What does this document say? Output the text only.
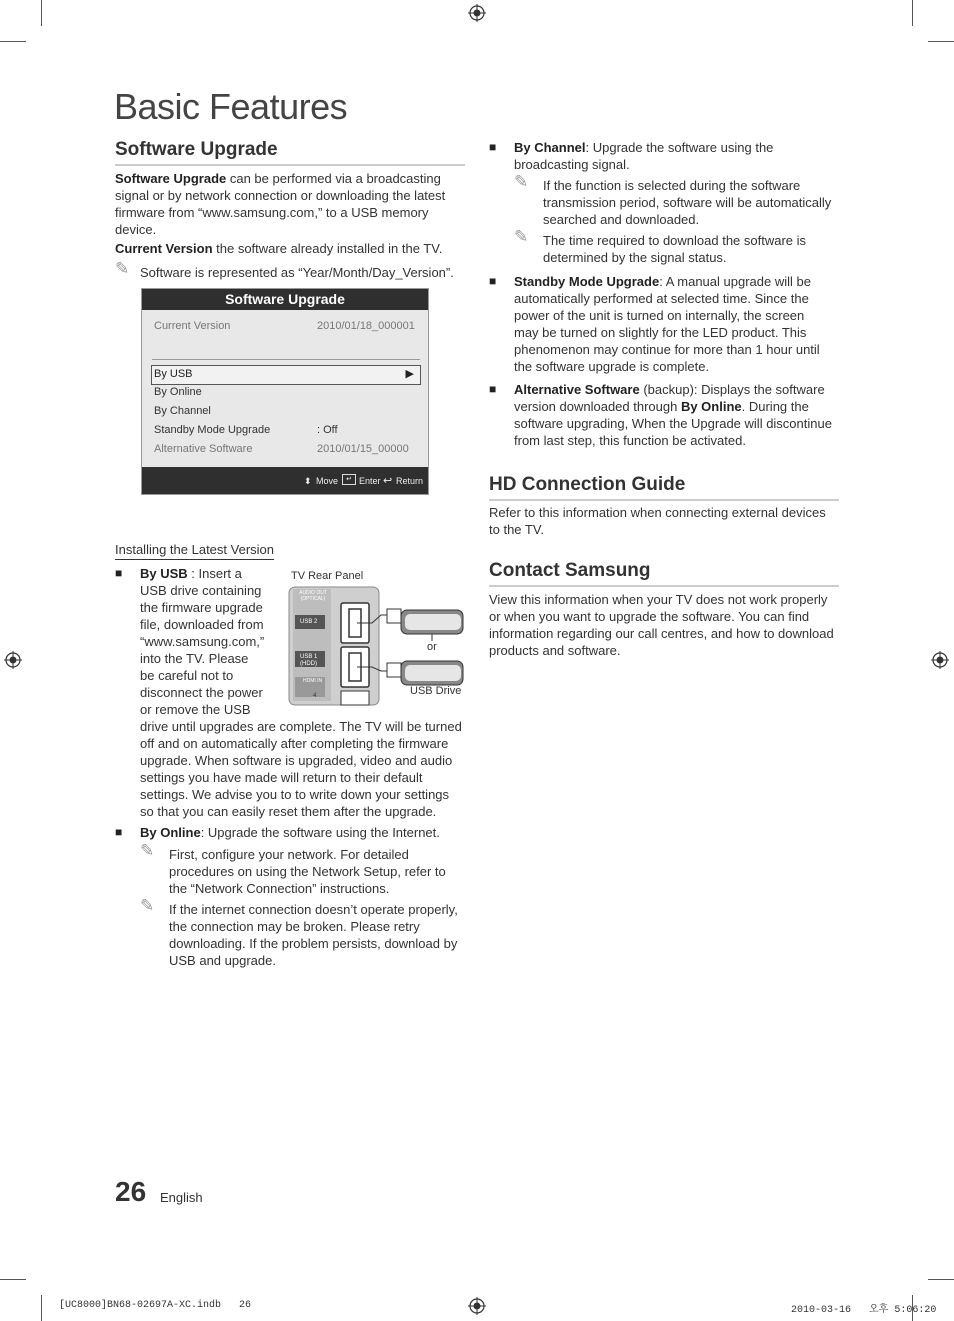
Basic Features
Software Upgrade
Software Upgrade can be performed via a broadcasting
signal or by network connection or downloading the latest
firmware from “www.samsung.com,” to a USB memory
device.
Current Version the software already installed in the TV.
✎ Software is represented as “Year/Month/Day_Version”.
Software Upgrade
Current Version	2010/01/18_000001
By USB	▶
By Online
By Channel
Standby Mode Upgrade	: Off
Alternative Software	2010/01/15_00000
⬍ Move	↵ Enter ↩ Return
Installing the Latest Version
■ By USB : Insert a
USB drive containing
the firmware upgrade
file, downloaded from
“www.samsung.com,”
into the TV. Please
be careful not to
disconnect the power
or remove the USB
drive until upgrades are complete. The TV will be turned
off and on automatically after completing the firmware
upgrade. When software is upgraded, video and audio
settings you have made will return to their default
settings. We advise you to to write down your settings
so that you can easily reset them after the upgrade.
TV Rear Panel
AUDIO OUT (OPTICAL)
USB 2
USB 1 (HDD)
HDMI IN
4
or
USB Drive
■ By Online: Upgrade the software using the Internet.
✎ First, configure your network. For detailed
procedures on using the Network Setup, refer to
the “Network Connection” instructions.
✎ If the internet connection doesn’t operate properly,
the connection may be broken. Please retry
downloading. If the problem persists, download by
USB and upgrade.
■ By Channel: Upgrade the software using the
broadcasting signal.
✎ If the function is selected during the software
transmission period, software will be automatically
searched and downloaded.
✎ The time required to download the software is
determined by the signal status.
■ Standby Mode Upgrade: A manual upgrade will be
automatically performed at selected time. Since the
power of the unit is turned on internally, the screen
may be turned on slightly for the LED product. This
phenomenon may continue for more than 1 hour until
the software upgrade is complete.
■ Alternative Software (backup): Displays the software
version downloaded through By Online. During the
software upgrading, When the Upgrade will discontinue
from last step, this function be activated.
HD Connection Guide
Refer to this information when connecting external devices
to the TV.
Contact Samsung
View this information when your TV does not work properly
or when you want to upgrade the software. You can find
information regarding our call centres, and how to download
products and software.
26 English
[UC8000]BN68-02697A-XC.indb   26	2010-03-16   오후 5:06:20
